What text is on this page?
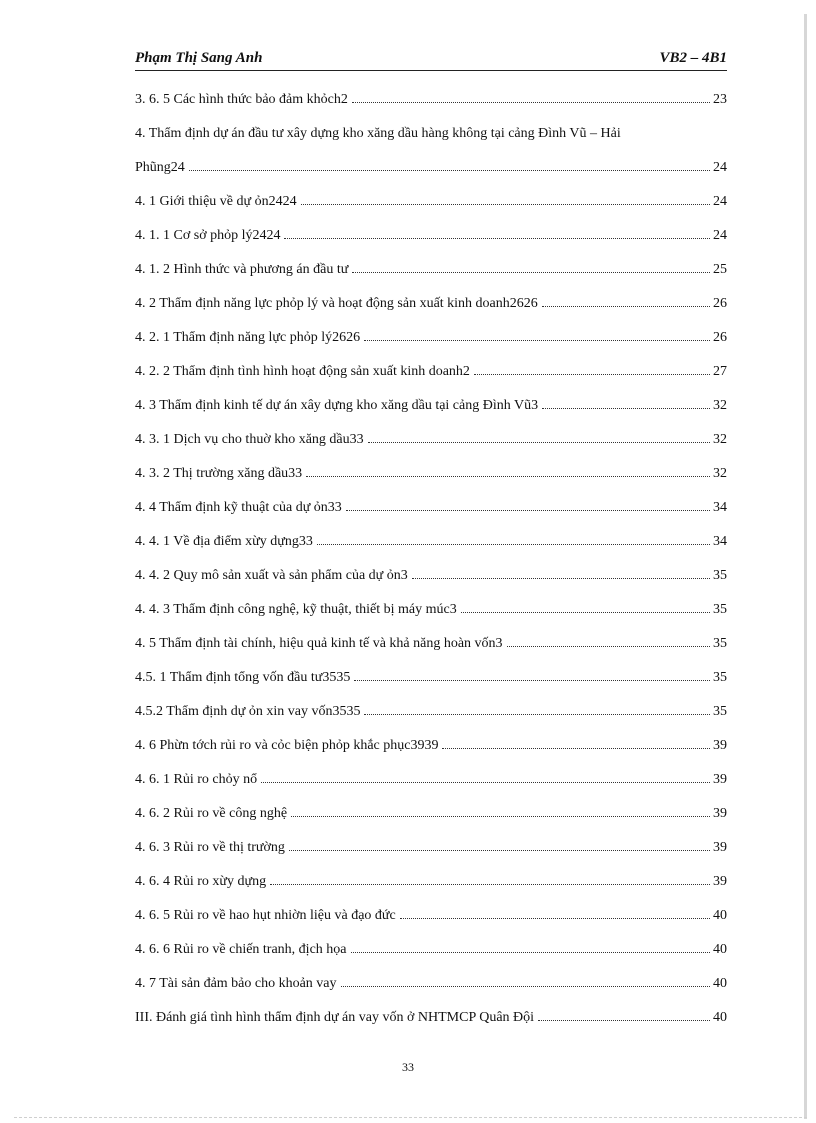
Phạm Thị Sang Anh	VB2 – 4B1
3. 6. 5 Các hình thức bảo đảm khỏch2	23
4. Thẩm định dự án đầu tư xây dựng kho xăng dầu hàng không tại cảng Đình Vũ – Hải
Phũng24	24
4. 1 Giới thiệu về dự ỏn2424	24
4. 1. 1 Cơ sở phỏp lý2424	24
4. 1. 2 Hình thức và phương án đầu tư	25
4. 2 Thẩm định năng lực phỏp lý và hoạt động sản xuất kinh doanh2626	26
4. 2. 1 Thẩm định năng lực phỏp lý2626	26
4. 2. 2 Thẩm định tình hình hoạt động sản xuất kinh doanh2	27
4. 3 Thẩm định kinh tế dự án xây dựng kho xăng dầu tại cảng Đình Vũ3	32
4. 3. 1 Dịch vụ cho thuờ kho xăng dầu33	32
4. 3. 2 Thị trường xăng dầu33	32
4. 4 Thẩm định kỹ thuật của dự ỏn33	34
4. 4. 1 Về địa điểm xừy dựng33	34
4. 4. 2 Quy mô sản xuất và sản phẩm của dự ỏn3	35
4. 4. 3 Thẩm định công nghệ, kỹ thuật, thiết bị máy múc3	35
4. 5 Thẩm định tài chính, hiệu quả kinh tế và khả năng hoàn vốn3	35
4.5. 1 Thẩm định tổng vốn đầu tư3535	35
4.5.2 Thẩm định dự ỏn xin vay vốn3535	35
4. 6 Phừn tớch rủi ro và cỏc biện phỏp khắc phục3939	39
4. 6. 1 Rủi ro chỏy nổ	39
4. 6. 2 Rủi ro về công nghệ	39
4. 6. 3 Rủi ro về thị trường	39
4. 6. 4 Rủi ro xừy dựng	39
4. 6. 5 Rủi ro về hao hụt nhiờn liệu và đạo đức	40
4. 6. 6 Rủi ro về chiến tranh, địch họa	40
4. 7 Tài sản đảm bảo cho khoản vay	40
III. Đánh giá tình hình thẩm định dự án vay vốn ở NHTMCP Quân Đội	40
33
